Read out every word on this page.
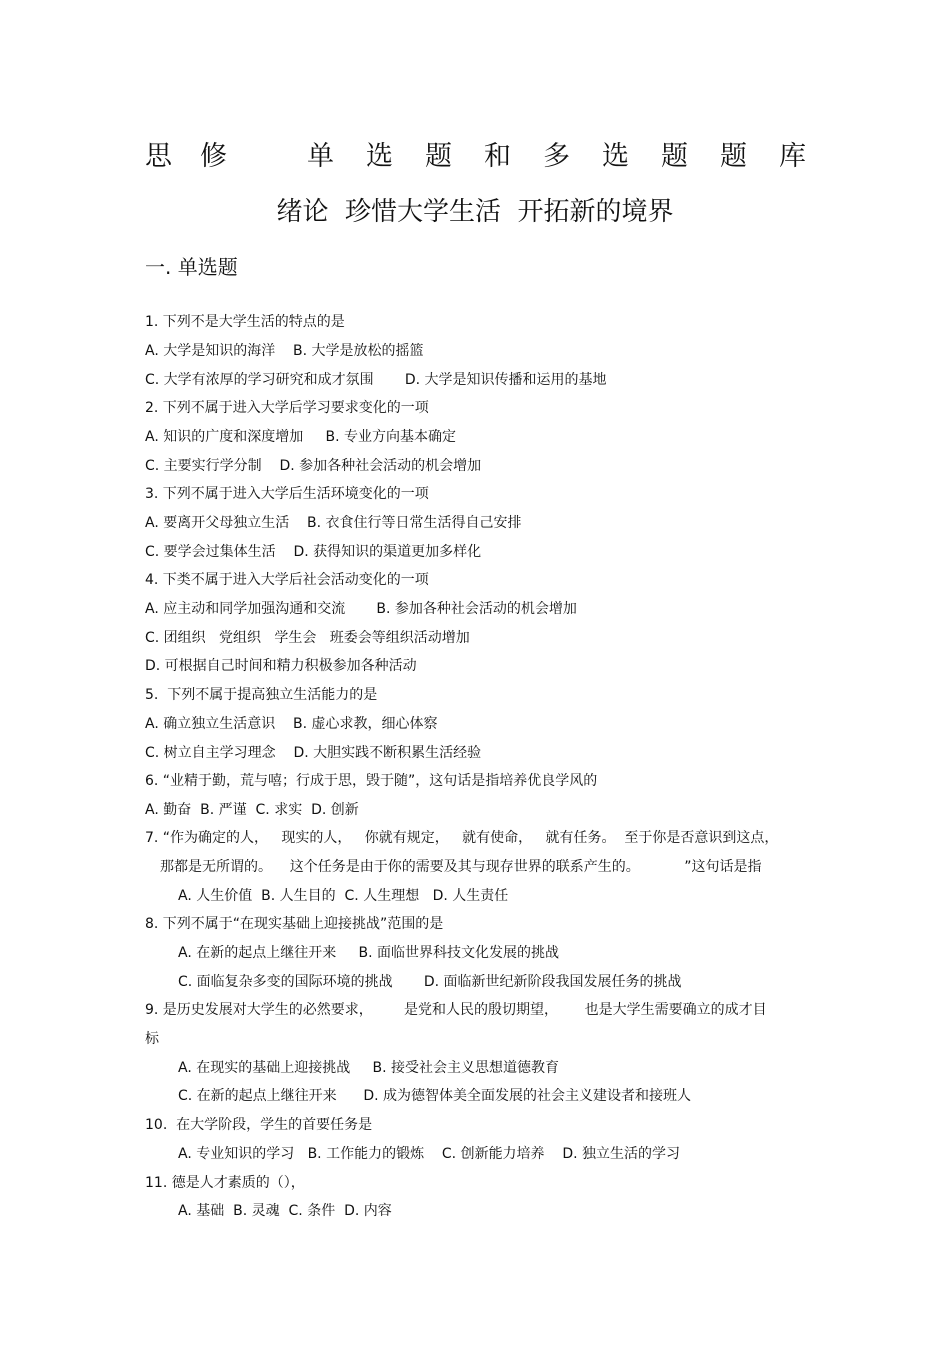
思 修	单 选 题 和 多 选 题 题 库
绪论  珍惜大学生活  开拓新的境界
一. 单选题
1. 下列不是大学生活的特点的是
A. 大学是知识的海洋    B. 大学是放松的摇篮
C. 大学有浓厚的学习研究和成才氛围       D. 大学是知识传播和运用的基地
2. 下列不属于进入大学后学习要求变化的一项
A. 知识的广度和深度增加     B. 专业方向基本确定
C. 主要实行学分制    D. 参加各种社会活动的机会增加
3. 下列不属于进入大学后生活环境变化的一项
A. 要离开父母独立生活    B. 衣食住行等日常生活得自己安排
C. 要学会过集体生活    D. 获得知识的渠道更加多样化
4. 下类不属于进入大学后社会活动变化的一项
A. 应主动和同学加强沟通和交流       B. 参加各种社会活动的机会增加
C. 团组织   党组织   学生会   班委会等组织活动增加
D. 可根据自己时间和精力积极参加各种活动
5.  下列不属于提高独立生活能力的是
A. 确立独立生活意识    B. 虚心求教，细心体察
C. 树立自主学习理念    D. 大胆实践不断积累生活经验
6. “业精于勤，荒与嘻；行成于思，毁于随”，这句话是指培养优良学风的
A. 勤奋  B. 严谨  C. 求实  D. 创新
7. “作为确定的人，   现实的人，   你就有规定，   就有使命，   就有任务。  至于你是否意识到这点，
那都是无所谓的。    这个任务是由于你的需要及其与现存世界的联系产生的。          ”这句话是指
A. 人生价值  B. 人生目的  C. 人生理想   D. 人生责任
8. 下列不属于“在现实基础上迎接挑战”范围的是
A. 在新的起点上继往开来     B. 面临世界科技文化发展的挑战
C. 面临复杂多变的国际环境的挑战       D. 面临新世纪新阶段我国发展任务的挑战
9. 是历史发展对大学生的必然要求，       是党和人民的殷切期望，      也是大学生需要确立的成才目
标
A. 在现实的基础上迎接挑战     B. 接受社会主义思想道德教育
C. 在新的起点上继往开来      D. 成为德智体美全面发展的社会主义建设者和接班人
10.  在大学阶段，学生的首要任务是
A. 专业知识的学习   B. 工作能力的锻炼    C. 创新能力培养    D. 独立生活的学习
11. 德是人才素质的（），
A. 基础  B. 灵魂  C. 条件  D. 内容
